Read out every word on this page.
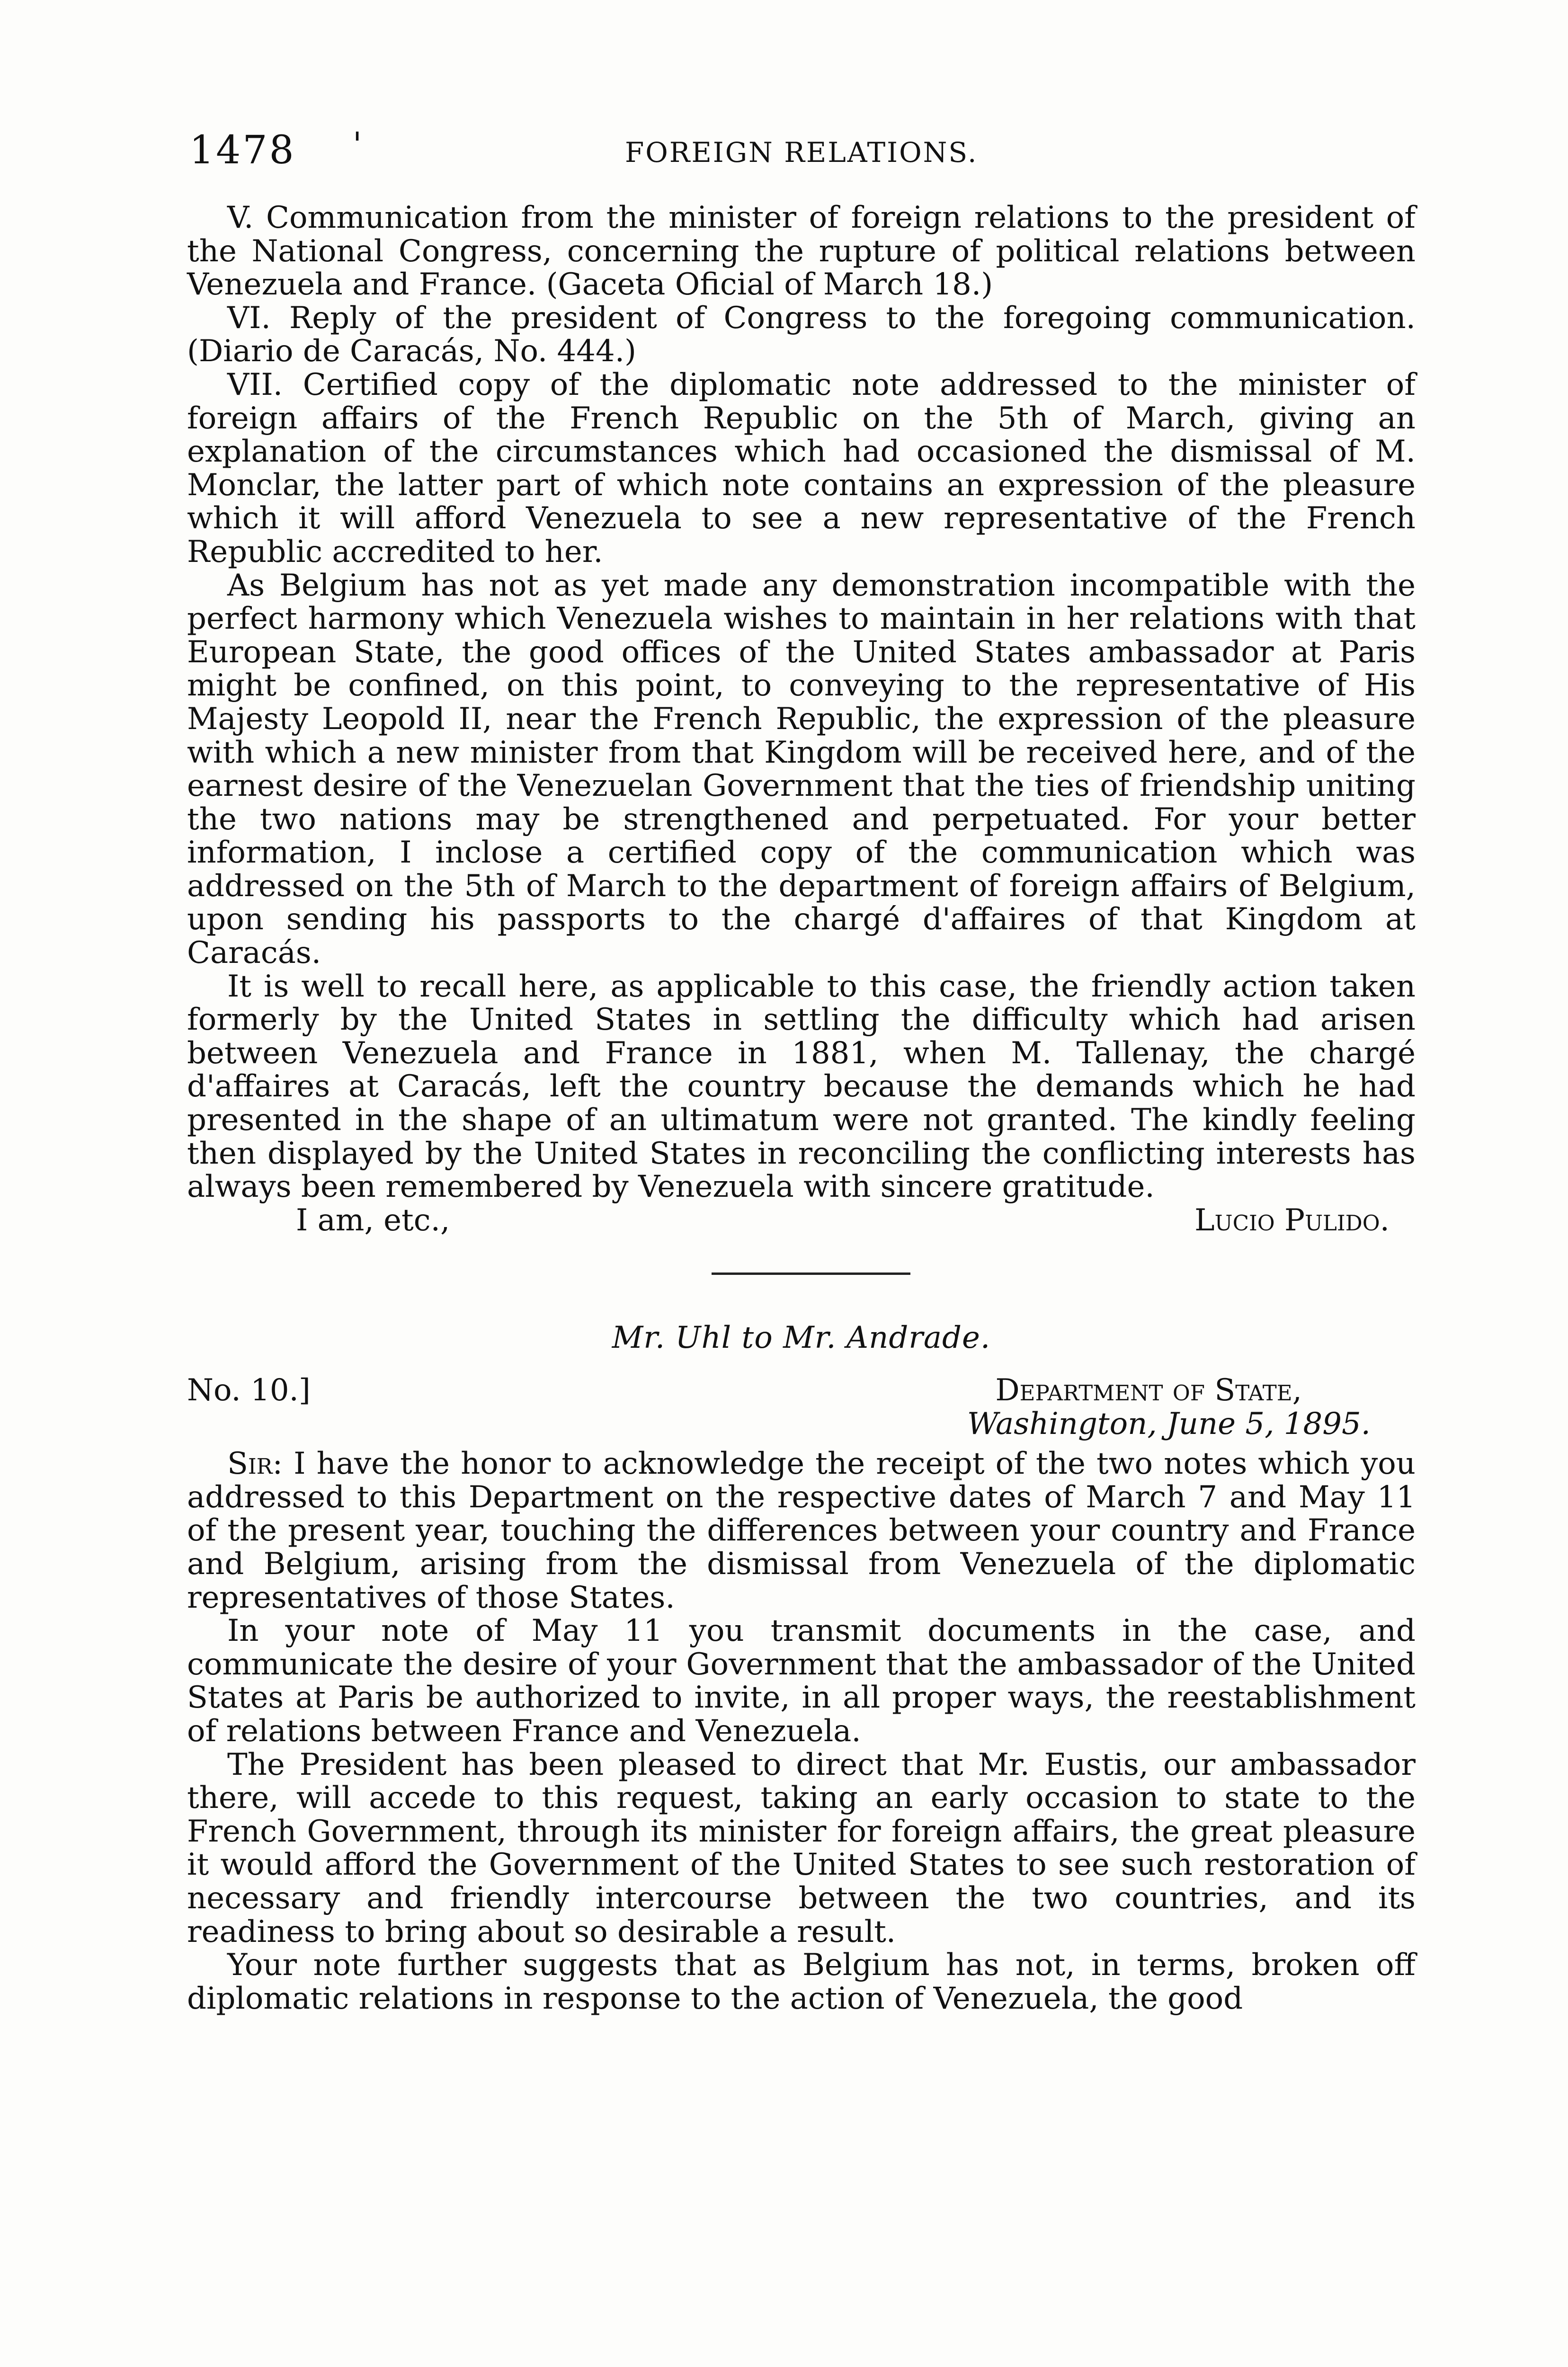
1478 '	FOREIGN RELATIONS.

V. Communication from the minister of foreign relations to the president of the National Congress, concerning the rupture of political relations between Venezuela and France. (Gaceta Oficial of March 18.)

VI. Reply of the president of Congress to the foregoing communication. (Diario de Caracás, No. 444.)

VII. Certified copy of the diplomatic note addressed to the minister of foreign affairs of the French Republic on the 5th of March, giving an explanation of the circumstances which had occasioned the dismissal of M. Monclar, the latter part of which note contains an expression of the pleasure which it will afford Venezuela to see a new representative of the French Republic accredited to her.

As Belgium has not as yet made any demonstration incompatible with the perfect harmony which Venezuela wishes to maintain in her relations with that European State, the good offices of the United States ambassador at Paris might be confined, on this point, to conveying to the representative of His Majesty Leopold II, near the French Republic, the expression of the pleasure with which a new minister from that Kingdom will be received here, and of the earnest desire of the Venezuelan Government that the ties of friendship uniting the two nations may be strengthened and perpetuated. For your better information, I inclose a certified copy of the communication which was addressed on the 5th of March to the department of foreign affairs of Belgium, upon sending his passports to the chargé d'affaires of that Kingdom at Caracás.

It is well to recall here, as applicable to this case, the friendly action taken formerly by the United States in settling the difficulty which had arisen between Venezuela and France in 1881, when M. Tallenay, the chargé d'affaires at Caracás, left the country because the demands which he had presented in the shape of an ultimatum were not granted. The kindly feeling then displayed by the United States in reconciling the conflicting interests has always been remembered by Venezuela with sincere gratitude.

I am, etc.,	Lucio Pulido.
Mr. Uhl to Mr. Andrade.
No. 10.]	Department of State,
Washington, June 5, 1895.

Sir: I have the honor to acknowledge the receipt of the two notes which you addressed to this Department on the respective dates of March 7 and May 11 of the present year, touching the differences between your country and France and Belgium, arising from the dismissal from Venezuela of the diplomatic representatives of those States.

In your note of May 11 you transmit documents in the case, and communicate the desire of your Government that the ambassador of the United States at Paris be authorized to invite, in all proper ways, the reestablishment of relations between France and Venezuela.

The President has been pleased to direct that Mr. Eustis, our ambassador there, will accede to this request, taking an early occasion to state to the French Government, through its minister for foreign affairs, the great pleasure it would afford the Government of the United States to see such restoration of necessary and friendly intercourse between the two countries, and its readiness to bring about so desirable a result.

Your note further suggests that as Belgium has not, in terms, broken off diplomatic relations in response to the action of Venezuela, the good
